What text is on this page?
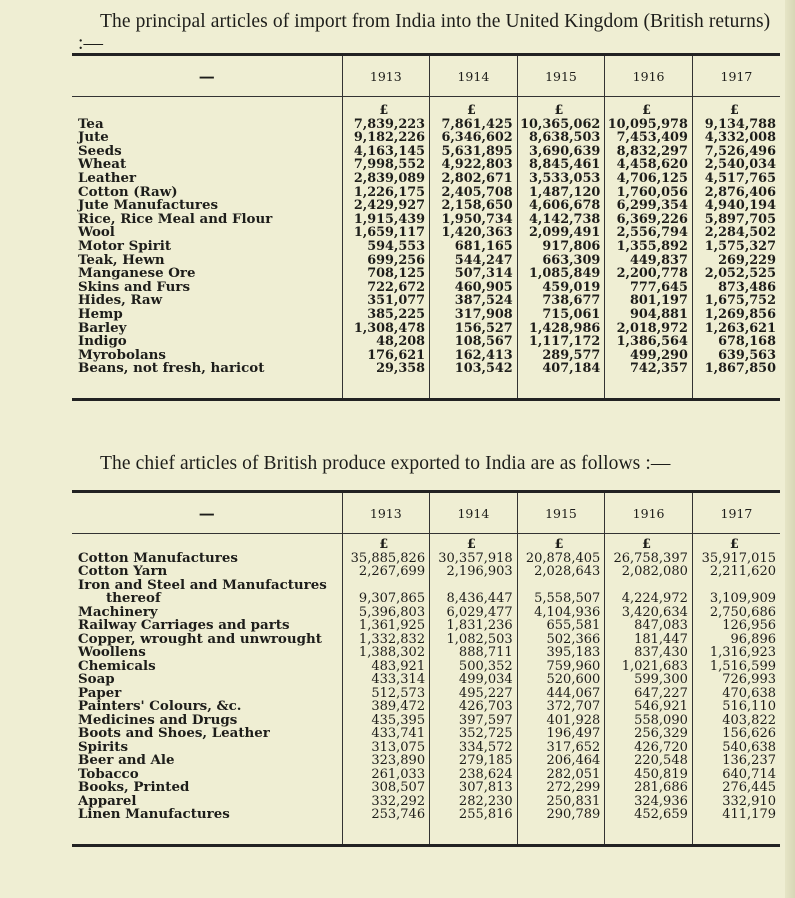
The principal articles of import from India into the United Kingdom (British returns) :—
—	1913	1914	1915	1916	1917
	£	£	£	£	£
Tea	7,839,223	7,861,425	10,365,062	10,095,978	9,134,788
Jute	9,182,226	6,346,602	8,638,503	7,453,409	4,332,008
Seeds	4,163,145	5,631,895	3,690,639	8,832,297	7,526,496
Wheat	7,998,552	4,922,803	8,845,461	4,458,620	2,540,034
Leather	2,839,089	2,802,671	3,533,053	4,706,125	4,517,765
Cotton (Raw)	1,226,175	2,405,708	1,487,120	1,760,056	2,876,406
Jute Manufactures	2,429,927	2,158,650	4,606,678	6,299,354	4,940,194
Rice, Rice Meal and Flour	1,915,439	1,950,734	4,142,738	6,369,226	5,897,705
Wool	1,659,117	1,420,363	2,099,491	2,556,794	2,284,502
Motor Spirit	594,553	681,165	917,806	1,355,892	1,575,327
Teak, Hewn	699,256	544,247	663,309	449,837	269,229
Manganese Ore	708,125	507,314	1,085,849	2,200,778	2,052,525
Skins and Furs	722,672	460,905	459,019	777,645	873,486
Hides, Raw	351,077	387,524	738,677	801,197	1,675,752
Hemp	385,225	317,908	715,061	904,881	1,269,856
Barley	1,308,478	156,527	1,428,986	2,018,972	1,263,621
Indigo	48,208	108,567	1,117,172	1,386,564	678,168
Myrobolans	176,621	162,413	289,577	499,290	639,563
Beans, not fresh, haricot	29,358	103,542	407,184	742,357	1,867,850

The chief articles of British produce exported to India are as follows :—
—	1913	1914	1915	1916	1917
	£	£	£	£	£
Cotton Manufactures	35,885,826	30,357,918	20,878,405	26,758,397	35,917,015
Cotton Yarn	2,267,699	2,196,903	2,028,643	2,082,080	2,211,620
Iron and Steel and Manufactures					
thereof	9,307,865	8,436,447	5,558,507	4,224,972	3,109,909
Machinery	5,396,803	6,029,477	4,104,936	3,420,634	2,750,686
Railway Carriages and parts	1,361,925	1,831,236	655,581	847,083	126,956
Copper, wrought and unwrought	1,332,832	1,082,503	502,366	181,447	96,896
Woollens	1,388,302	888,711	395,183	837,430	1,316,923
Chemicals	483,921	500,352	759,960	1,021,683	1,516,599
Soap	433,314	499,034	520,600	599,300	726,993
Paper	512,573	495,227	444,067	647,227	470,638
Painters' Colours, &c.	389,472	426,703	372,707	546,921	516,110
Medicines and Drugs	435,395	397,597	401,928	558,090	403,822
Boots and Shoes, Leather	433,741	352,725	196,497	256,329	156,626
Spirits	313,075	334,572	317,652	426,720	540,638
Beer and Ale	323,890	279,185	206,464	220,548	136,237
Tobacco	261,033	238,624	282,051	450,819	640,714
Books, Printed	308,507	307,813	272,299	281,686	276,445
Apparel	332,292	282,230	250,831	324,936	332,910
Linen Manufactures	253,746	255,816	290,789	452,659	411,179
